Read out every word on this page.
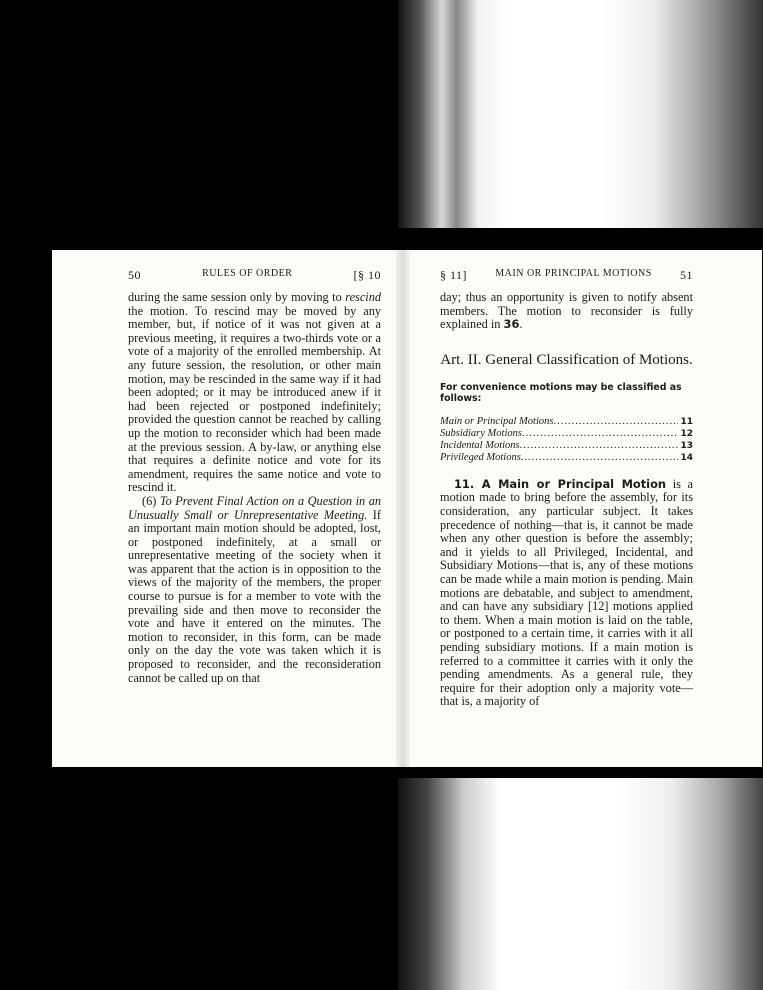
50	RULES OF ORDER	[§ 10

during the same session only by moving to rescind the motion. To rescind may be moved by any member, but, if notice of it was not given at a previous meeting, it requires a two-thirds vote or a vote of a majority of the enrolled membership. At any future session, the resolution, or other main motion, may be rescinded in the same way if it had been adopted; or it may be introduced anew if it had been rejected or postponed indefinitely; provided the question cannot be reached by calling up the motion to reconsider which had been made at the previous session. A by-law, or anything else that requires a definite notice and vote for its amendment, requires the same notice and vote to rescind it.

(6) To Prevent Final Action on a Question in an Unusually Small or Unrepresentative Meeting. If an important main motion should be adopted, lost, or postponed indefinitely, at a small or unrepresentative meeting of the society when it was apparent that the action is in opposition to the views of the majority of the members, the proper course to pursue is for a member to vote with the prevailing side and then move to reconsider the vote and have it entered on the minutes. The motion to reconsider, in this form, can be made only on the day the vote was taken which it is proposed to reconsider, and the reconsideration cannot be called up on that

§ 11]	MAIN OR PRINCIPAL MOTIONS 51

day; thus an opportunity is given to notify absent members. The motion to reconsider is fully explained in 36.

Art. II. General Classification of Motions.
For convenience motions may be classified as follows:
Main or Principal Motions .....	11
Subsidiary Motions .....	12
Incidental Motions .....	13
Privileged Motions .....	14

11. A Main or Principal Motion is a motion made to bring before the assembly, for its consideration, any particular subject. It takes precedence of nothing—that is, it cannot be made when any other question is before the assembly; and it yields to all Privileged, Incidental, and Subsidiary Motions—that is, any of these motions can be made while a main motion is pending. Main motions are debatable, and subject to amendment, and can have any subsidiary [12] motions applied to them. When a main motion is laid on the table, or postponed to a certain time, it carries with it all pending subsidiary motions. If a main motion is referred to a committee it carries with it only the pending amendments. As a general rule, they require for their adoption only a majority vote—that is, a majority of
